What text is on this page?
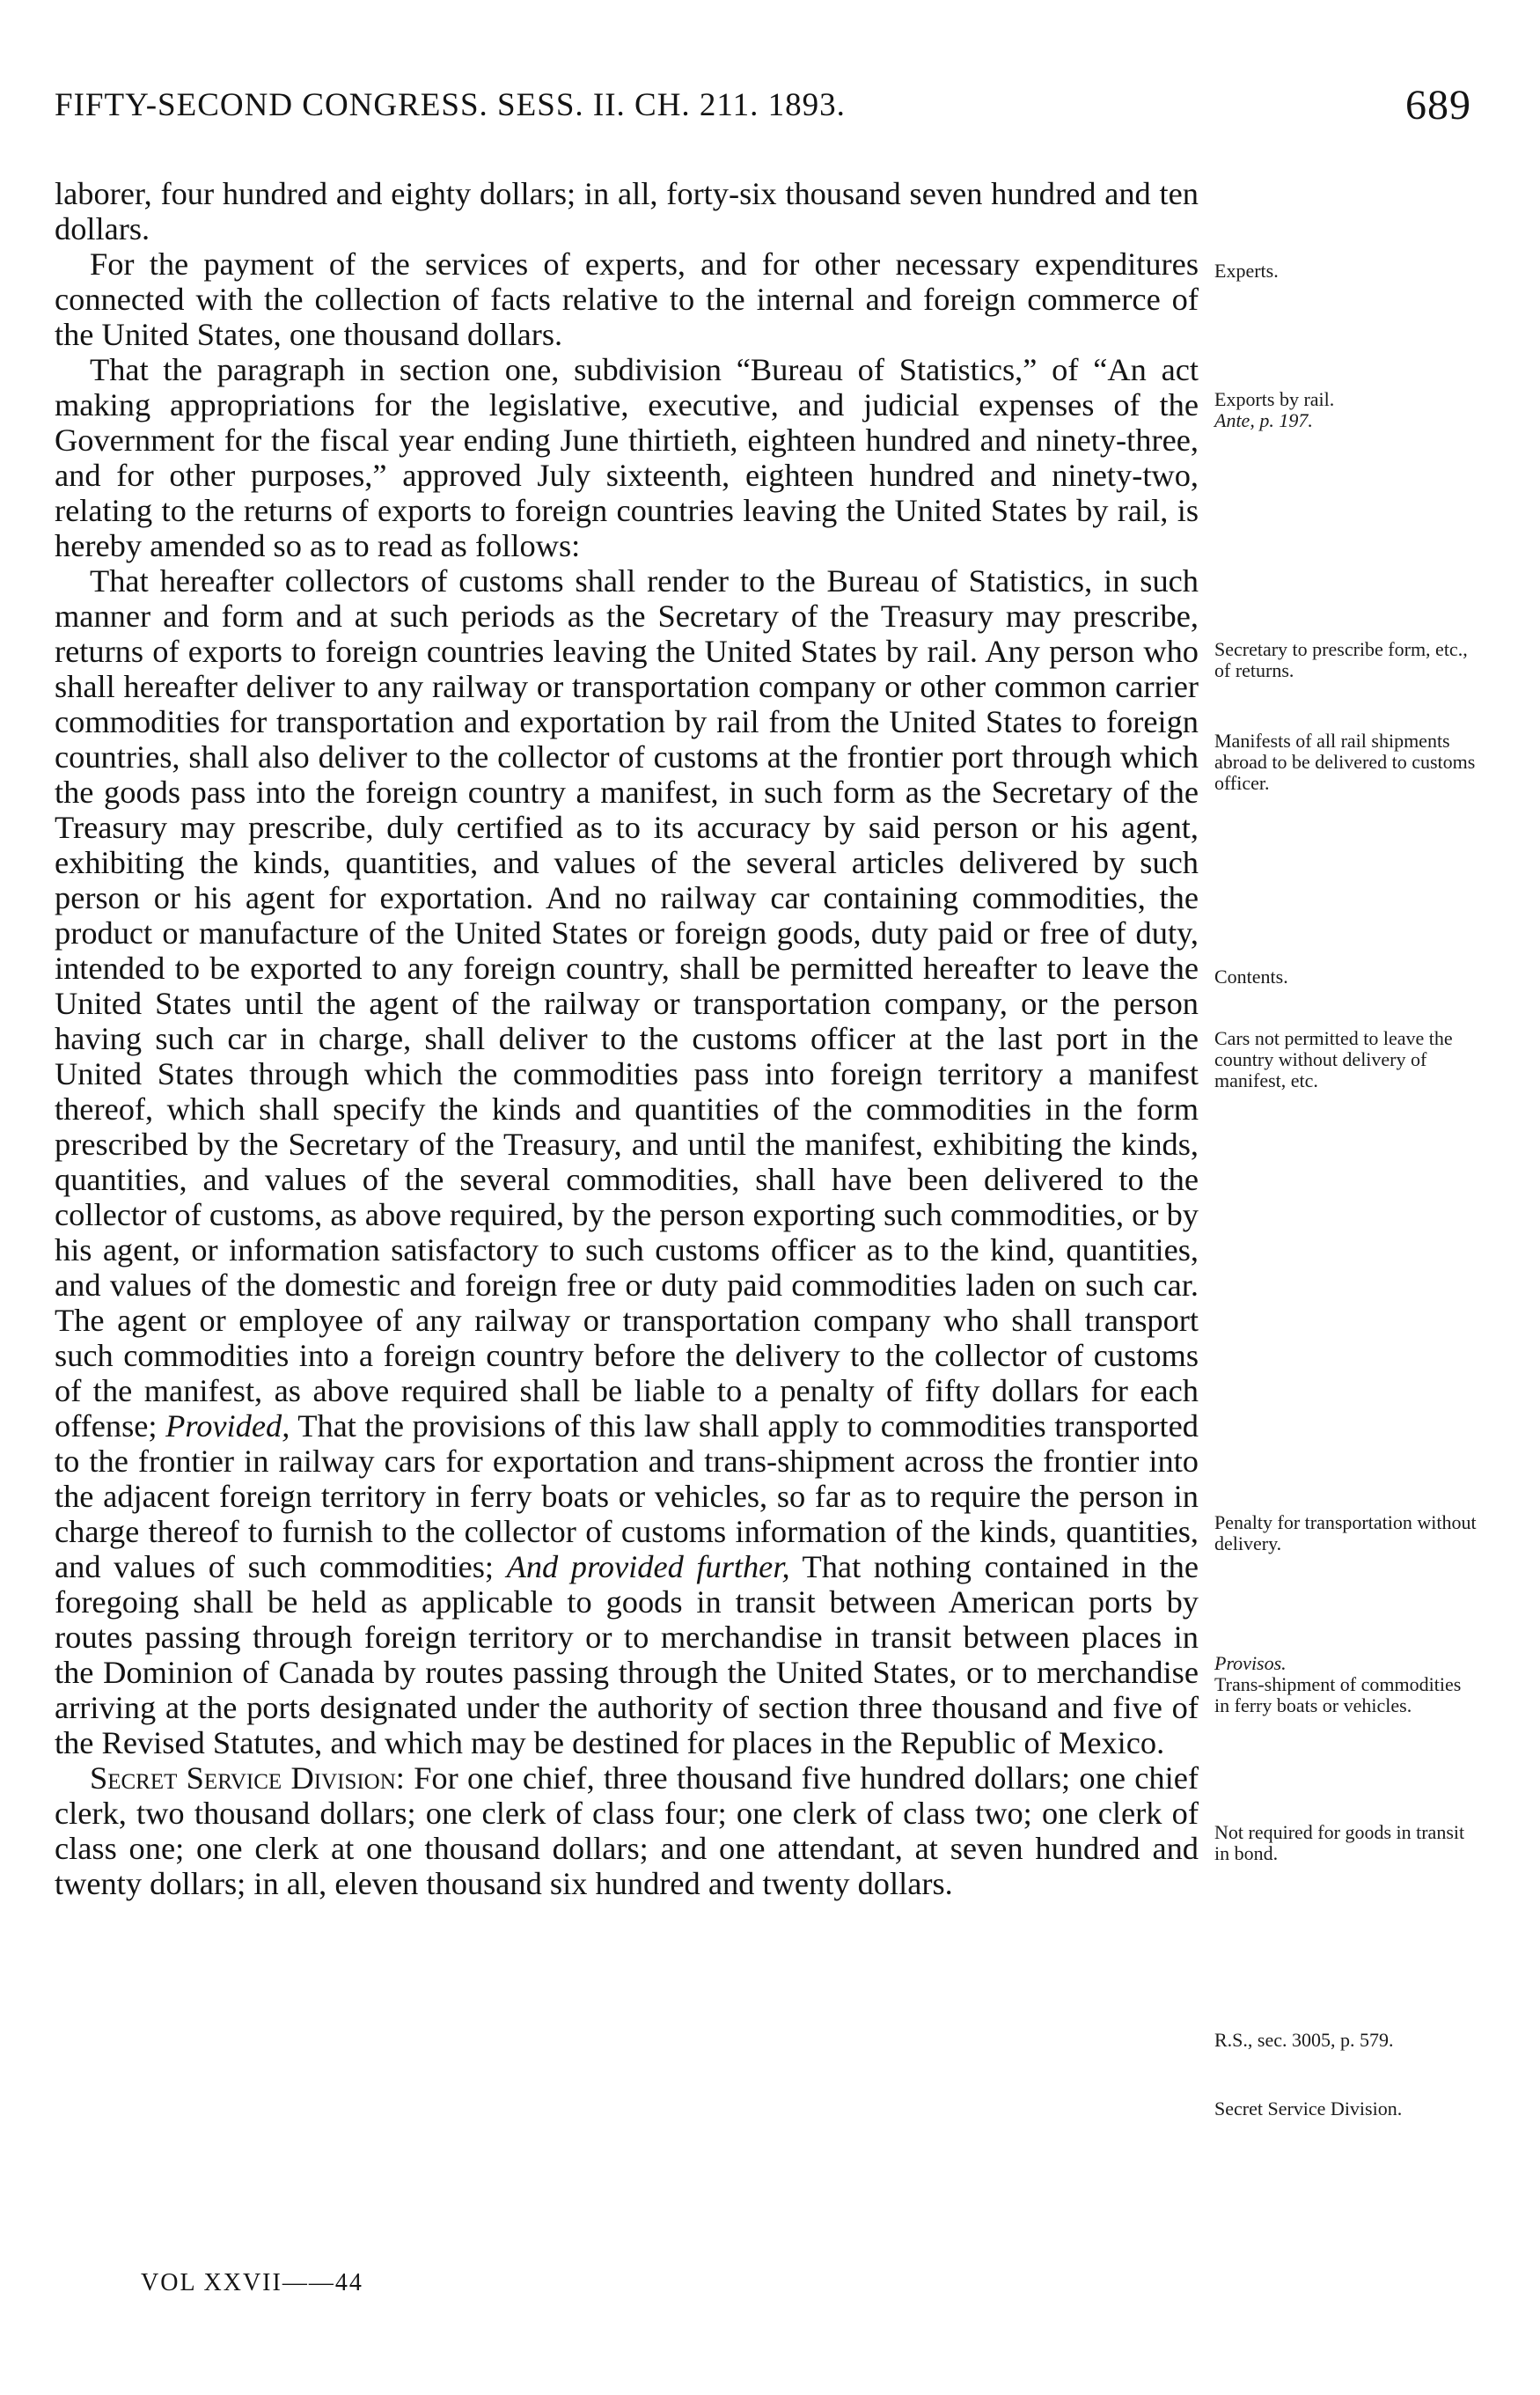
FIFTY-SECOND CONGRESS. SESS. II. CH. 211. 1893.	689

laborer, four hundred and eighty dollars; in all, forty-six thousand seven hundred and ten dollars.

For the payment of the services of experts, and for other necessary expenditures connected with the collection of facts relative to the internal and foreign commerce of the United States, one thousand dollars.

That the paragraph in section one, subdivision “Bureau of Statistics,” of “An act making appropriations for the legislative, executive, and judicial expenses of the Government for the fiscal year ending June thirtieth, eighteen hundred and ninety-three, and for other purposes,” approved July sixteenth, eighteen hundred and ninety-two, relating to the returns of exports to foreign countries leaving the United States by rail, is hereby amended so as to read as follows:

That hereafter collectors of customs shall render to the Bureau of Statistics, in such manner and form and at such periods as the Secretary of the Treasury may prescribe, returns of exports to foreign countries leaving the United States by rail. Any person who shall hereafter deliver to any railway or transportation company or other common carrier commodities for transportation and exportation by rail from the United States to foreign countries, shall also deliver to the collector of customs at the frontier port through which the goods pass into the foreign country a manifest, in such form as the Secretary of the Treasury may prescribe, duly certified as to its accuracy by said person or his agent, exhibiting the kinds, quantities, and values of the several articles delivered by such person or his agent for exportation. And no railway car containing commodities, the product or manufacture of the United States or foreign goods, duty paid or free of duty, intended to be exported to any foreign country, shall be permitted hereafter to leave the United States until the agent of the railway or transportation company, or the person having such car in charge, shall deliver to the customs officer at the last port in the United States through which the commodities pass into foreign territory a manifest thereof, which shall specify the kinds and quantities of the commodities in the form prescribed by the Secretary of the Treasury, and until the manifest, exhibiting the kinds, quantities, and values of the several commodities, shall have been delivered to the collector of customs, as above required, by the person exporting such commodities, or by his agent, or information satisfactory to such customs officer as to the kind, quantities, and values of the domestic and foreign free or duty paid commodities laden on such car. The agent or employee of any railway or transportation company who shall transport such commodities into a foreign country before the delivery to the collector of customs of the manifest, as above required shall be liable to a penalty of fifty dollars for each offense; Provided, That the provisions of this law shall apply to commodities transported to the frontier in railway cars for exportation and trans-shipment across the frontier into the adjacent foreign territory in ferry boats or vehicles, so far as to require the person in charge thereof to furnish to the collector of customs information of the kinds, quantities, and values of such commodities; And provided further, That nothing contained in the foregoing shall be held as applicable to goods in transit between American ports by routes passing through foreign territory or to merchandise in transit between places in the Dominion of Canada by routes passing through the United States, or to merchandise arriving at the ports designated under the authority of section three thousand and five of the Revised Statutes, and which may be destined for places in the Republic of Mexico.

Secret Service Division: For one chief, three thousand five hundred dollars; one chief clerk, two thousand dollars; one clerk of class four; one clerk of class two; one clerk of class one; one clerk at one thousand dollars; and one attendant, at seven hundred and twenty dollars; in all, eleven thousand six hundred and twenty dollars.

Experts.
Exports by rail.
Ante, p. 197.
Secretary to prescribe form, etc., of returns.
Manifests of all rail shipments abroad to be delivered to customs officer.
Contents.
Cars not permitted to leave the country without delivery of manifest, etc.
Penalty for transportation without delivery.
Provisos.
Trans-shipment of commodities in ferry boats or vehicles.
Not required for goods in transit in bond.
R.S., sec. 3005, p. 579.
Secret Service Division.
VOL XXVII——44
